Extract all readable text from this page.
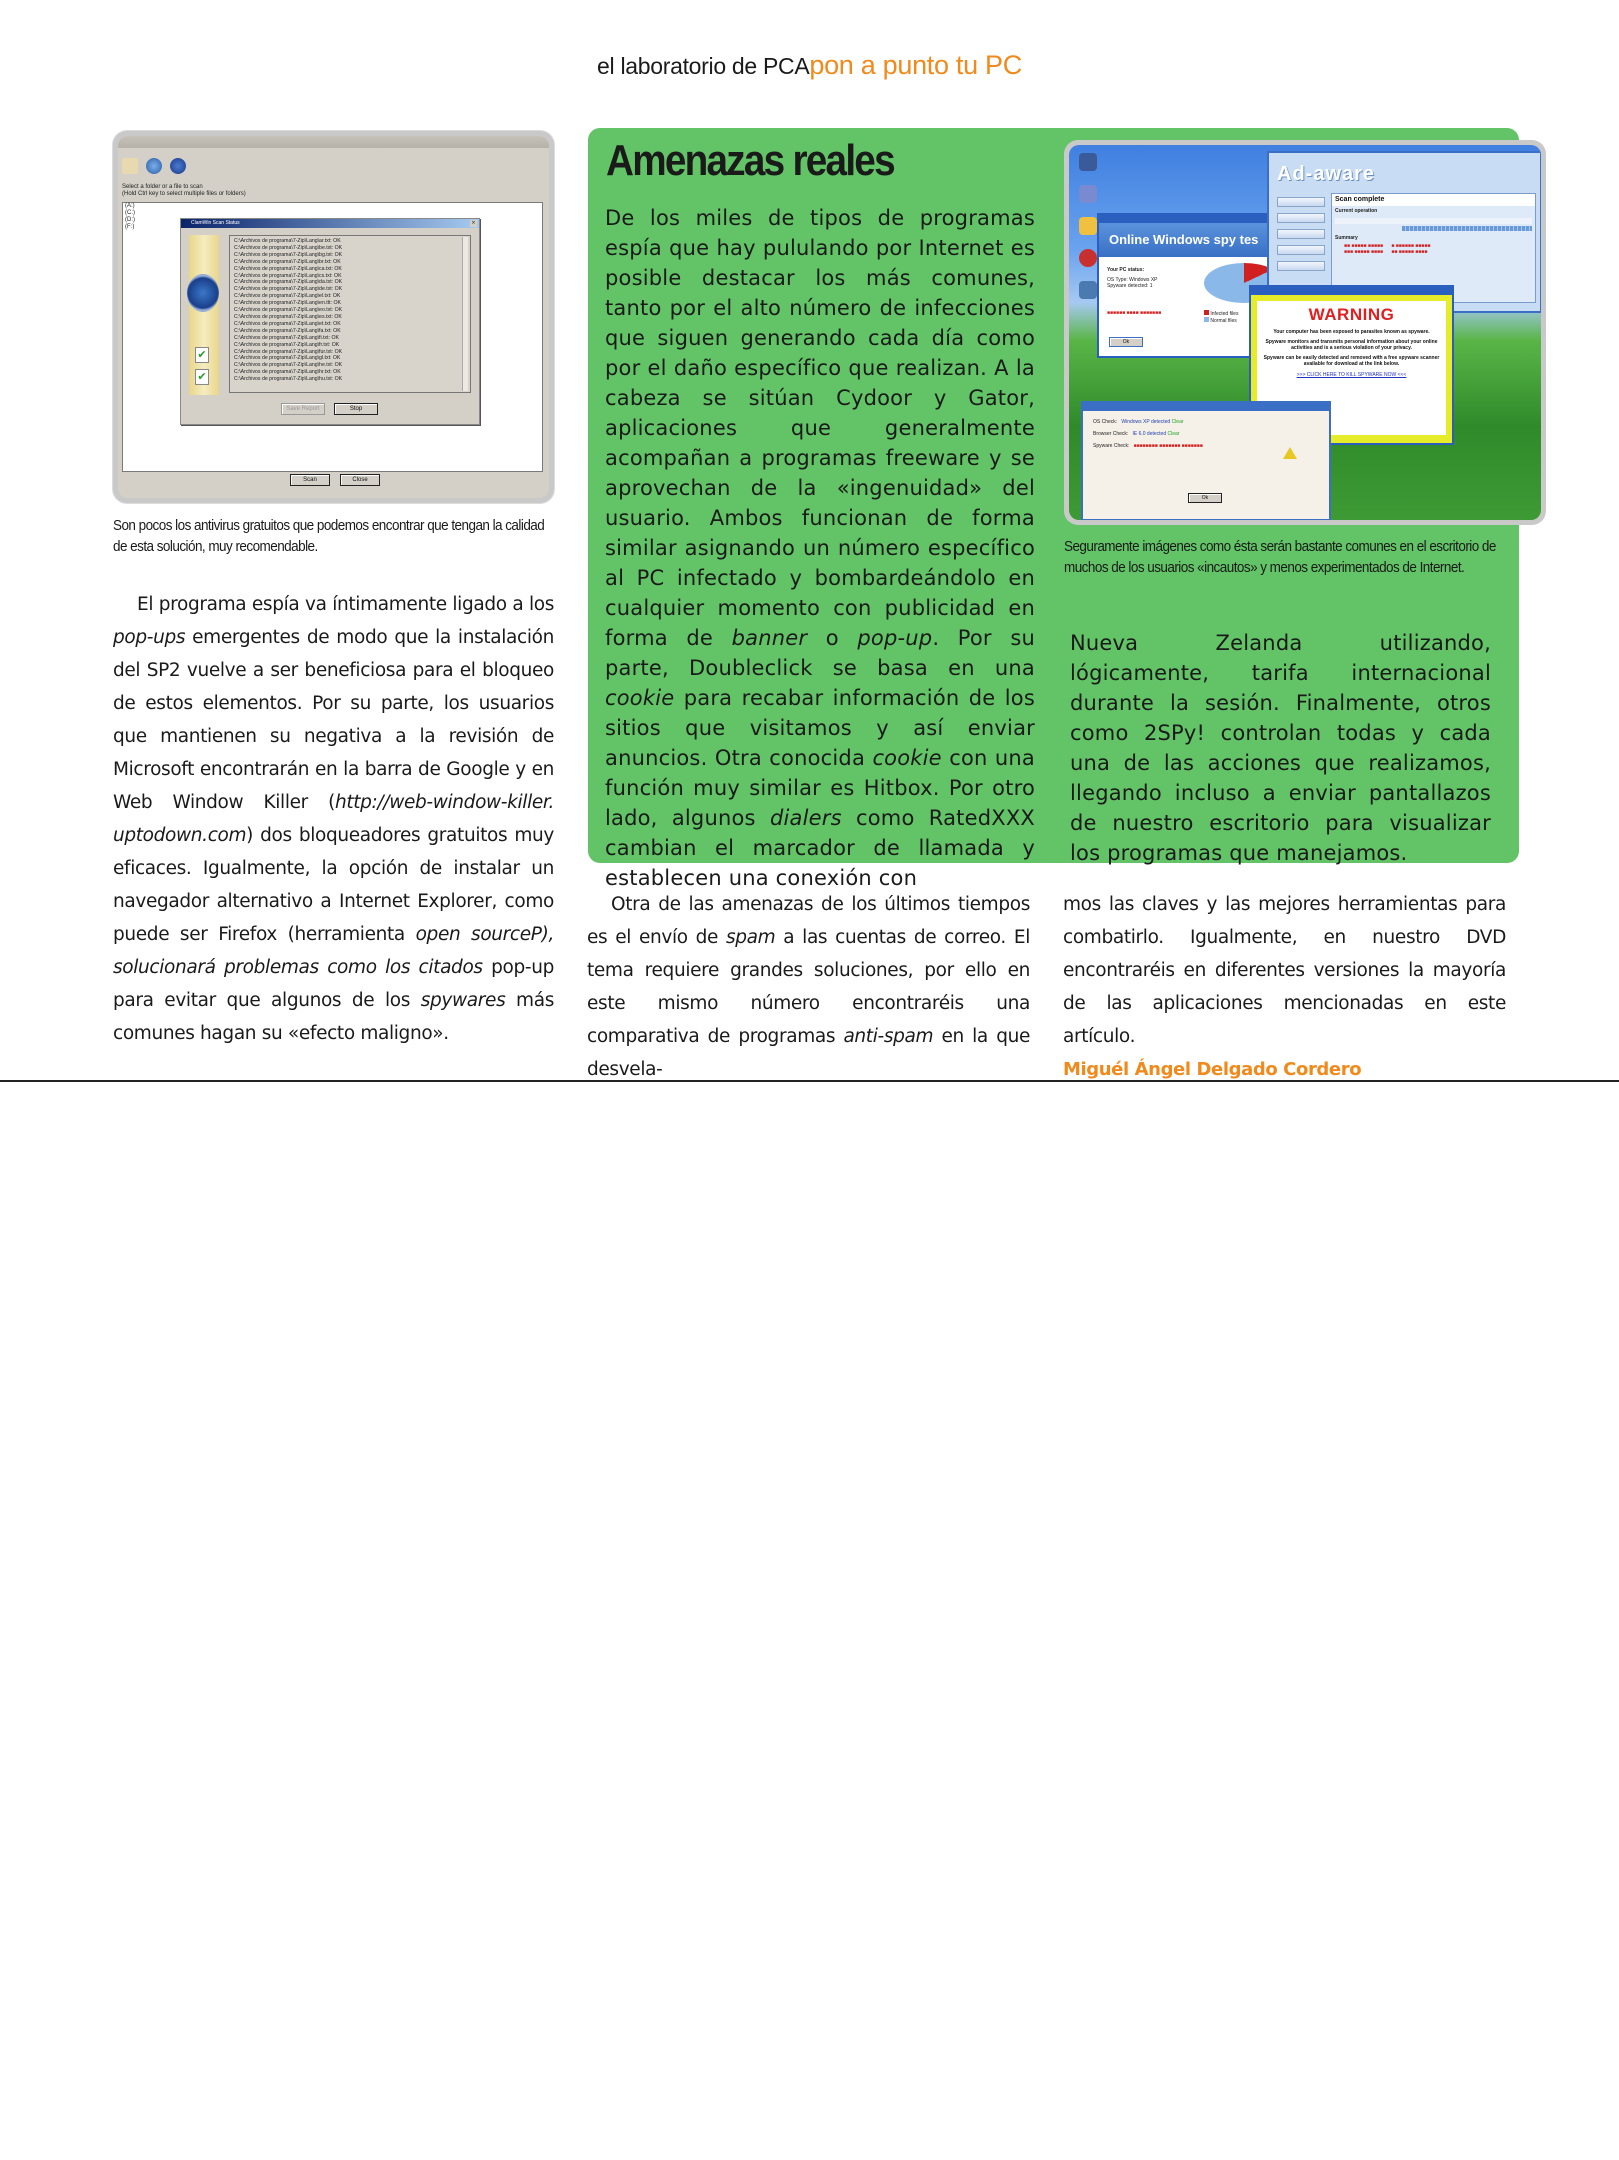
el laboratorio de PCApon a punto tu PC
Select a folder or a file to scan
(Hold Ctrl key to select multiple files or folders)
(A:)
(C:)
(D:)
(F:)
ClamWin Scan Status	×
✔
✔
C:\Archivos de programa\7-Zip\Lang\ar.txt: OK
C:\Archivos de programa\7-Zip\Lang\be.txt: OK
C:\Archivos de programa\7-Zip\Lang\bg.txt: OK
C:\Archivos de programa\7-Zip\Lang\br.txt: OK
C:\Archivos de programa\7-Zip\Lang\ca.txt: OK
C:\Archivos de programa\7-Zip\Lang\cs.txt: OK
C:\Archivos de programa\7-Zip\Lang\da.txt: OK
C:\Archivos de programa\7-Zip\Lang\de.txt: OK
C:\Archivos de programa\7-Zip\Lang\el.txt: OK
C:\Archivos de programa\7-Zip\Lang\en.ttt: OK
C:\Archivos de programa\7-Zip\Lang\eo.txt: OK
C:\Archivos de programa\7-Zip\Lang\es.txt: OK
C:\Archivos de programa\7-Zip\Lang\et.txt: OK
C:\Archivos de programa\7-Zip\Lang\fa.txt: OK
C:\Archivos de programa\7-Zip\Lang\fi.txt: OK
C:\Archivos de programa\7-Zip\Lang\fr.txt: OK
C:\Archivos de programa\7-Zip\Lang\fur.txt: OK
C:\Archivos de programa\7-Zip\Lang\gl.txt: OK
C:\Archivos de programa\7-Zip\Lang\he.txt: OK
C:\Archivos de programa\7-Zip\Lang\hr.txt: OK
C:\Archivos de programa\7-Zip\Lang\hu.txt: OK
Save Report	Stop
Scan	Close
Son pocos los antivirus gratuitos que podemos encontrar que tengan la calidad de esta solución, muy recomendable.
El programa espía va íntimamente ligado a los pop-ups emergentes de modo que la instalación del SP2 vuelve a ser beneficiosa para el bloqueo de estos elementos. Por su parte, los usuarios que mantienen su negativa a la revisión de Microsoft encontrarán en la barra de Google y en Web Window Killer (http://web-window-killer. uptodown.com) dos bloqueadores gratuitos muy eficaces. Igualmente, la opción de instalar un navegador alternativo a Internet Explorer, como puede ser Firefox (herramienta open sourceP), solucionará problemas como los citados pop-up para evitar que algunos de los spywares más comunes hagan su «efecto maligno».
Amenazas reales
De los miles de tipos de programas espía que hay pululando por Internet es posible destacar los más comunes, tanto por el alto número de infecciones que siguen generando cada día como por el daño específico que realizan. A la cabeza se sitúan Cydoor y Gator, aplicaciones que generalmente acompañan a programas freeware y se aprovechan de la «ingenuidad» del usuario. Ambos funcionan de forma similar asignando un número específico al PC infectado y bombardeándolo en cualquier momento con publicidad en forma de banner o pop-up. Por su parte, Doubleclick se basa en una cookie para recabar información de los sitios que visitamos y así enviar anuncios. Otra conocida cookie con una función muy similar es Hitbox. Por otro lado, algunos dialers como RatedXXX cambian el marcador de llamada y establecen una conexión con
Online Windows spy tes
Your PC status:
OS Type: Windows XP
Spyware detected: 1
Infected files
Normal files
■■■■■■ ■■■■ ■■■■■■■
Ok
Ad-aware
Scan complete
Current operation
Summary
■■ ■■■■■ ■■■■■      ■ ■■■■■■ ■■■■■
■■■ ■■■■■ ■■■■      ■■ ■■■■■ ■■■■
WARNING
Your computer has been exposed to parasites known as spyware.
Spyware monitors and transmits personal information about your online activities and is a serious violation of your privacy.
Spyware can be easily detected and removed with a free spyware scanner available for download at the link below.
>>> CLICK HERE TO KILL SPYWARE NOW <<<
OS Check: Windows XP detected Clear
Browser Check: IE 6.0 detected Clear
Spyware Check: ■■■■■■■■ ■■■■■■■ ■■■■■■■
Ok
Seguramente imágenes como ésta serán bastante comunes en el escritorio de muchos de los usuarios «incautos» y menos experimentados de Internet.
Nueva Zelanda utilizando, lógicamente, tarifa internacional durante la sesión. Finalmente, otros como 2SPy! controlan todas y cada una de las acciones que realizamos, llegando incluso a enviar pantallazos de nuestro escritorio para visualizar los programas que manejamos.
Otra de las amenazas de los últimos tiempos es el envío de spam a las cuentas de correo. El tema requiere grandes soluciones, por ello en este mismo número encontraréis una comparativa de programas anti-spam en la que desvela-
mos las claves y las mejores herramientas para combatirlo. Igualmente, en nuestro DVD encontraréis en diferentes versiones la mayoría de las aplicaciones mencionadas en este artículo.
Miguél Ángel Delgado Cordero
